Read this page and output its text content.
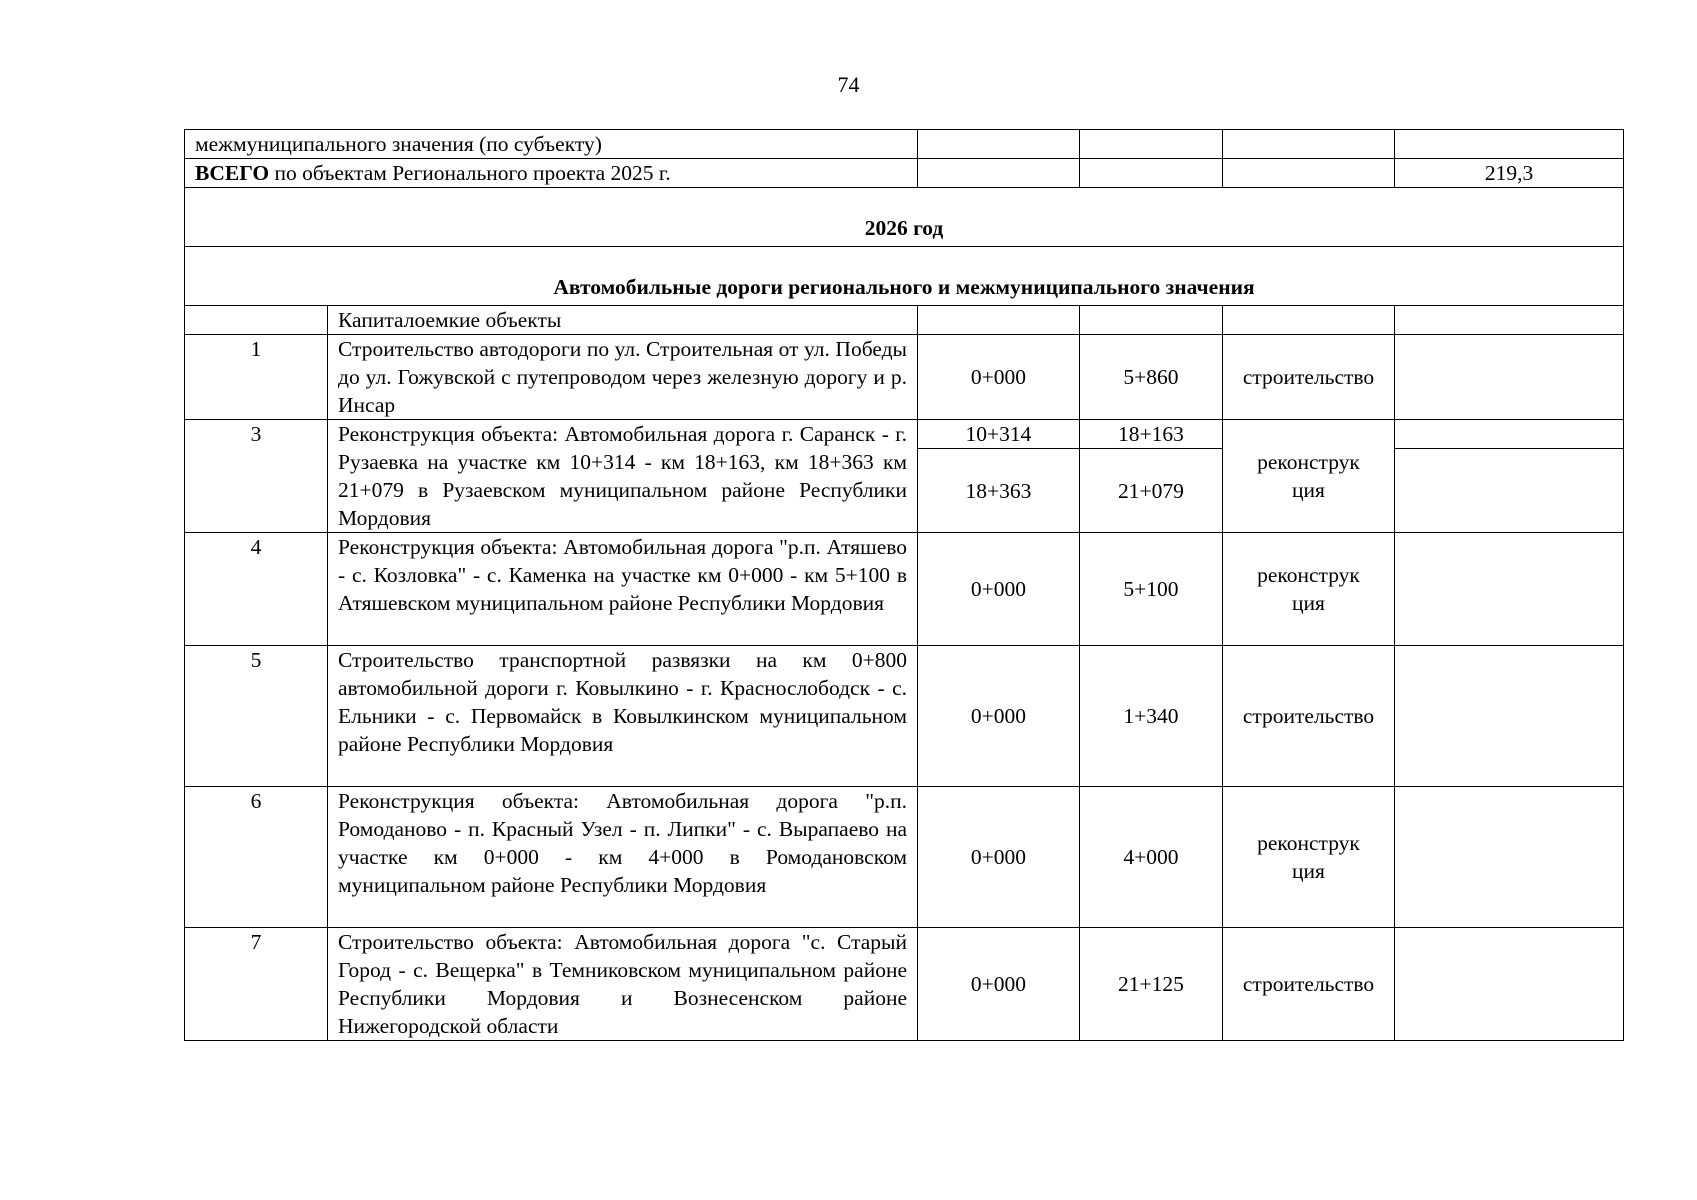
74
межмуниципального значения (по субъекту)					
ВСЕГО по объектам Регионального проекта 2025 г.					219,3
2026 год					
Автомобильные дороги регионального и межмуниципального значения					
	Капиталоемкие объекты				
1	Строительство автодороги по ул. Строительная от ул. Победы до ул. Гожувской с путепроводом через железную дорогу и р. Инсар	0+000	5+860	строительство	
3	Реконструкция объекта: Автомобильная дорога г. Саранск - г. Рузаевка на участке км 10+314 - км 18+163, км 18+363 км 21+079 в Рузаевском муниципальном районе Республики Мордовия	10+314	18+163	реконструк
ция	
		18+363	21+079		
4	Реконструкция объекта: Автомобильная дорога "р.п. Атяшево - с. Козловка" - с. Каменка на участке км 0+000 - км 5+100 в Атяшевском муниципальном районе Республики Мордовия	0+000	5+100	реконструк
ция	
5	Строительство транспортной развязки на км 0+800 автомобильной дороги г. Ковылкино - г. Краснослободск - с. Ельники - с. Первомайск в Ковылкинском муниципальном районе Республики Мордовия	0+000	1+340	строительство	
6	Реконструкция объекта: Автомобильная дорога "р.п. Ромоданово - п. Красный Узел - п. Липки" - с. Вырапаево на участке км 0+000 - км 4+000 в Ромодановском муниципальном районе Республики Мордовия	0+000	4+000	реконструк
ция	
7	Строительство объекта: Автомобильная дорога "с. Старый Город - с. Вещерка" в Темниковском муниципальном районе Республики Мордовия и Вознесенском районе Нижегородской области	0+000	21+125	строительство	
